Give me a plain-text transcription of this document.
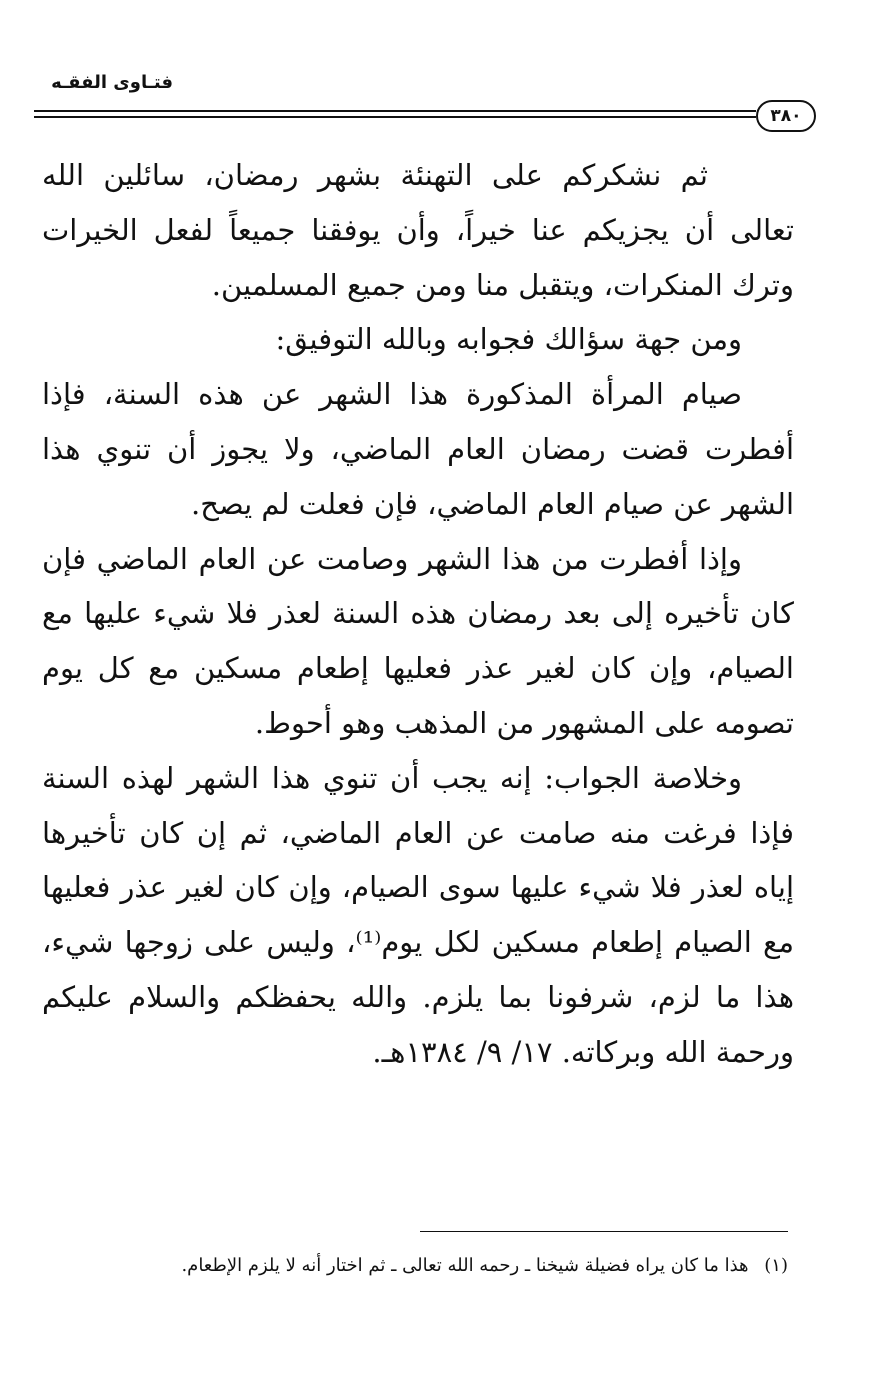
فتـاوى الفقـه
٣٨٠

ثم نشكركم على التهنئة بشهر رمضان، سائلين الله تعالى أن يجزيكم عنا خيراً، وأن يوفقنا جميعاً لفعل الخيرات وترك المنكرات، ويتقبل منا ومن جميع المسلمين.

ومن جهة سؤالك فجوابه وبالله التوفيق:

صيام المرأة المذكورة هذا الشهر عن هذه السنة، فإذا أفطرت قضت رمضان العام الماضي، ولا يجوز أن تنوي هذا الشهر عن صيام العام الماضي، فإن فعلت لم يصح.

وإذا أفطرت من هذا الشهر وصامت عن العام الماضي فإن كان تأخيره إلى بعد رمضان هذه السنة لعذر فلا شيء عليها مع الصيام، وإن كان لغير عذر فعليها إطعام مسكين مع كل يوم تصومه على المشهور من المذهب وهو أحوط.

وخلاصة الجواب: إنه يجب أن تنوي هذا الشهر لهذه السنة فإذا فرغت منه صامت عن العام الماضي، ثم إن كان تأخيرها إياه لعذر فلا شيء عليها سوى الصيام، وإن كان لغير عذر فعليها مع الصيام إطعام مسكين لكل يوم⁽¹⁾، وليس على زوجها شيء، هذا ما لزم، شرفونا بما يلزم. والله يحفظكم والسلام عليكم ورحمة الله وبركاته. ١٧/ ٩/ ١٣٨٤هـ.

(١) هذا ما كان يراه فضيلة شيخنا ـ رحمه الله تعالى ـ ثم اختار أنه لا يلزم الإطعام.
